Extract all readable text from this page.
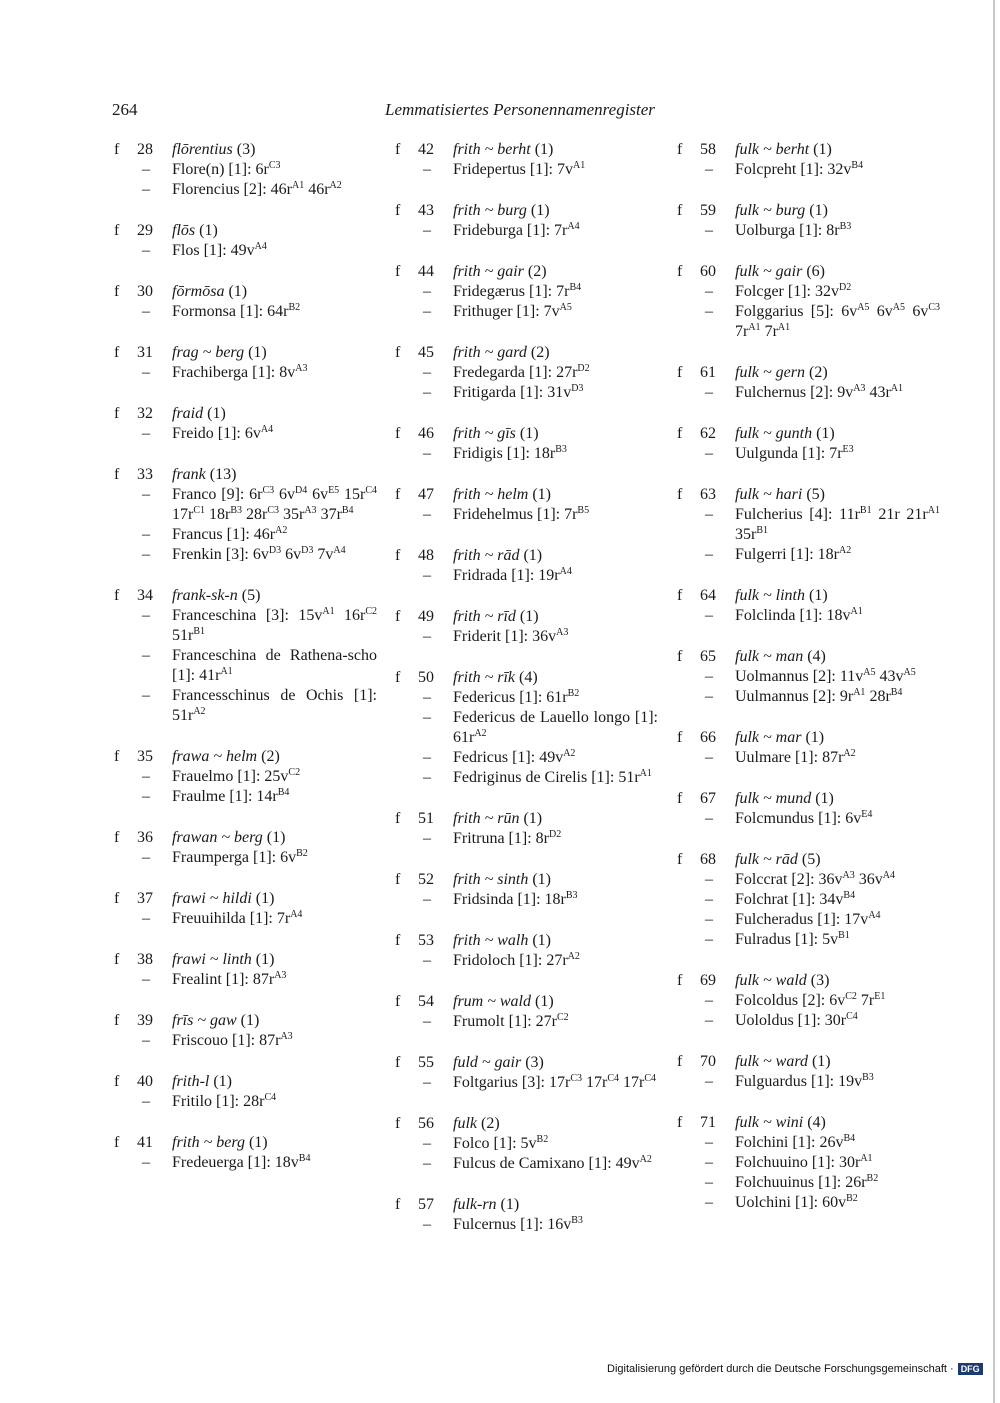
264	Lemmatisiertes Personennamenregister
f 28 flōrentius (3)
– Flore(n) [1]: $6r^{C3}$
– Florencius [2]: $46r^{A1}$ $46r^{A2}$
f 29 flōs (1)
– Flos [1]: $49v^{A4}$
f 30 fōrmōsa (1)
– Formonsa [1]: $64r^{B2}$
f 31 frag ~ berg (1)
– Frachiberga [1]: $8v^{A3}$
f 32 fraid (1)
– Freido [1]: $6v^{A4}$
f 33 frank (13)
– Franco [9]: $6r^{C3}$ $6v^{D4}$ $6v^{E5}$ $15r^{C4}$ $17r^{C1}$ $18r^{B3}$ $28r^{C3}$ $35r^{A3}$ $37r^{B4}$
– Francus [1]: $46r^{A2}$
– Frenkin [3]: $6v^{D3}$ $6v^{D3}$ $7v^{A4}$
f 34 frank-sk-n (5)
– Franceschina [3]: $15v^{A1}$ $16r^{C2}$ $51r^{B1}$
– Franceschina de Rathena-scho [1]: $41r^{A1}$
– Francesschinus de Ochis [1]: $51r^{A2}$
f 35 frawa ~ helm (2)
– Frauelmo [1]: $25v^{C2}$
– Fraulme [1]: $14r^{B4}$
f 36 frawan ~ berg (1)
– Fraumperga [1]: $6v^{B2}$
f 37 frawi ~ hildi (1)
– Freuuihilda [1]: $7r^{A4}$
f 38 frawi ~ linth (1)
– Frealint [1]: $87r^{A3}$
f 39 frīs ~ gaw (1)
– Friscouo [1]: $87r^{A3}$
f 40 frith-l (1)
– Fritilo [1]: $28r^{C4}$
f 41 frith ~ berg (1)
– Fredeuerga [1]: $18v^{B4}$
f 42 frith ~ berht (1)
– Fridepertus [1]: $7v^{A1}$
f 43 frith ~ burg (1)
– Frideburga [1]: $7r^{A4}$
f 44 frith ~ gair (2)
– Fridegærus [1]: $7r^{B4}$
– Frithuger [1]: $7v^{A5}$
f 45 frith ~ gard (2)
– Fredegarda [1]: $27r^{D2}$
– Fritigarda [1]: $31v^{D3}$
f 46 frith ~ gīs (1)
– Fridigis [1]: $18r^{B3}$
f 47 frith ~ helm (1)
– Fridehelmus [1]: $7r^{B5}$
f 48 frith ~ rād (1)
– Fridrada [1]: $19r^{A4}$
f 49 frith ~ rīd (1)
– Friderit [1]: $36v^{A3}$
f 50 frith ~ rīk (4)
– Federicus [1]: $61r^{B2}$
– Federicus de Lauello longo [1]: $61r^{A2}$
– Fedricus [1]: $49v^{A2}$
– Fedriginus de Cirelis [1]: $51r^{A1}$
f 51 frith ~ rūn (1)
– Fritruna [1]: $8r^{D2}$
f 52 frith ~ sinth (1)
– Fridsinda [1]: $18r^{B3}$
f 53 frith ~ walh (1)
– Fridoloch [1]: $27r^{A2}$
f 54 frum ~ wald (1)
– Frumolt [1]: $27r^{C2}$
f 55 fuld ~ gair (3)
– Foltgarius [3]: $17r^{C3}$ $17r^{C4}$ $17r^{C4}$
f 56 fulk (2)
– Folco [1]: $5v^{B2}$
– Fulcus de Camixano [1]: $49v^{A2}$
f 57 fulk-rn (1)
– Fulcernus [1]: $16v^{B3}$
f 58 fulk ~ berht (1)
– Folcpreht [1]: $32v^{B4}$
f 59 fulk ~ burg (1)
– Uolburga [1]: $8r^{B3}$
f 60 fulk ~ gair (6)
– Folcger [1]: $32v^{D2}$
– Folggarius [5]: $6v^{A5}$ $6v^{A5}$ $6v^{C3}$ $7r^{A1}$ $7r^{A1}$
f 61 fulk ~ gern (2)
– Fulchernus [2]: $9v^{A3}$ $43r^{A1}$
f 62 fulk ~ gunth (1)
– Uulgunda [1]: $7r^{E3}$
f 63 fulk ~ hari (5)
– Fulcherius [4]: $11r^{B1}$ 21r $21r^{A1}$ $35r^{B1}$
– Fulgerri [1]: $18r^{A2}$
f 64 fulk ~ linth (1)
– Folclinda [1]: $18v^{A1}$
f 65 fulk ~ man (4)
– Uolmannus [2]: $11v^{A5}$ $43v^{A5}$
– Uulmannus [2]: $9r^{A1}$ $28r^{B4}$
f 66 fulk ~ mar (1)
– Uulmare [1]: $87r^{A2}$
f 67 fulk ~ mund (1)
– Folcmundus [1]: $6v^{E4}$
f 68 fulk ~ rād (5)
– Folccrat [2]: $36v^{A3}$ $36v^{A4}$
– Folchrat [1]: $34v^{B4}$
– Fulcheradus [1]: $17v^{A4}$
– Fulradus [1]: $5v^{B1}$
f 69 fulk ~ wald (3)
– Folcoldus [2]: $6v^{C2}$ $7r^{E1}$
– Uololdus [1]: $30r^{C4}$
f 70 fulk ~ ward (1)
– Fulguardus [1]: $19v^{B3}$
f 71 fulk ~ wini (4)
– Folchini [1]: $26v^{B4}$
– Folchuuino [1]: $30r^{A1}$
– Folchuuinus [1]: $26r^{B2}$
– Uolchini [1]: $60v^{B2}$
Digitalisierung gefördert durch die Deutsche Forschungsgemeinschaft · DFG
